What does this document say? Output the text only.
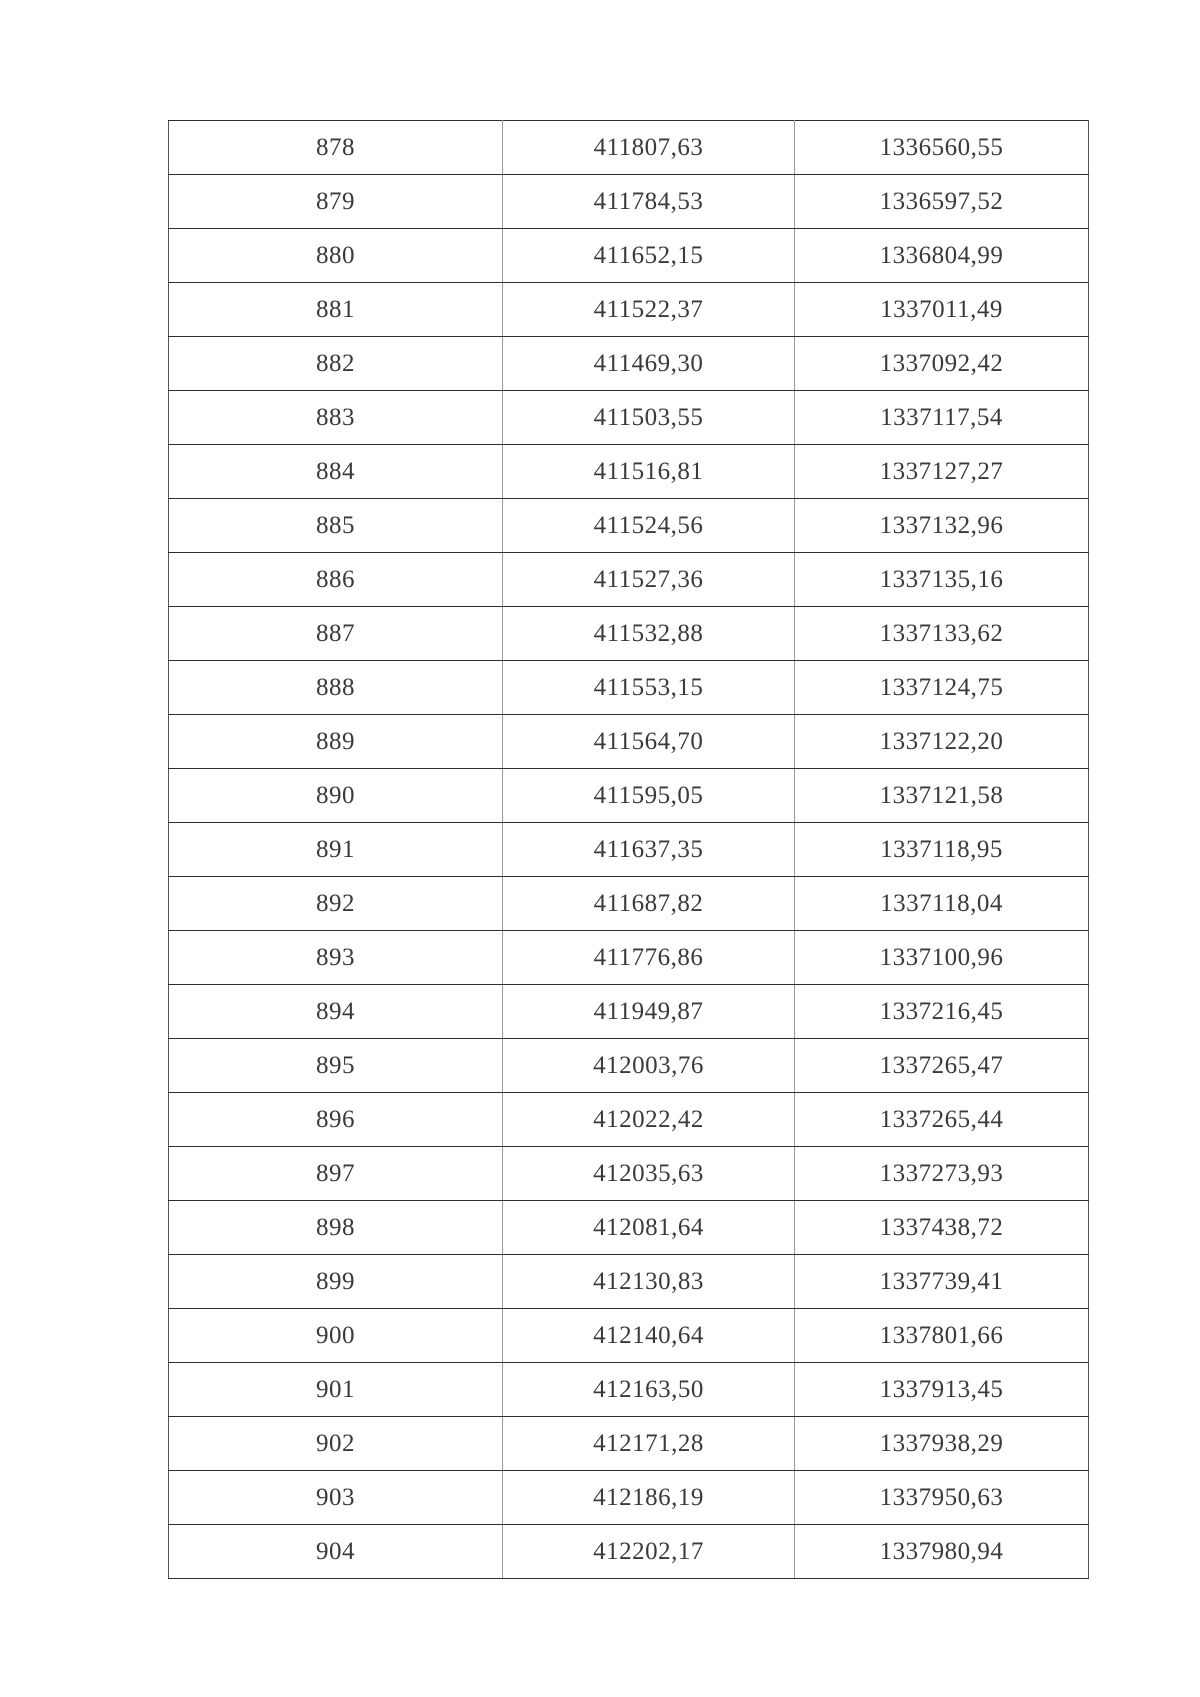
878	411807,63	1336560,55
879	411784,53	1336597,52
880	411652,15	1336804,99
881	411522,37	1337011,49
882	411469,30	1337092,42
883	411503,55	1337117,54
884	411516,81	1337127,27
885	411524,56	1337132,96
886	411527,36	1337135,16
887	411532,88	1337133,62
888	411553,15	1337124,75
889	411564,70	1337122,20
890	411595,05	1337121,58
891	411637,35	1337118,95
892	411687,82	1337118,04
893	411776,86	1337100,96
894	411949,87	1337216,45
895	412003,76	1337265,47
896	412022,42	1337265,44
897	412035,63	1337273,93
898	412081,64	1337438,72
899	412130,83	1337739,41
900	412140,64	1337801,66
901	412163,50	1337913,45
902	412171,28	1337938,29
903	412186,19	1337950,63
904	412202,17	1337980,94
